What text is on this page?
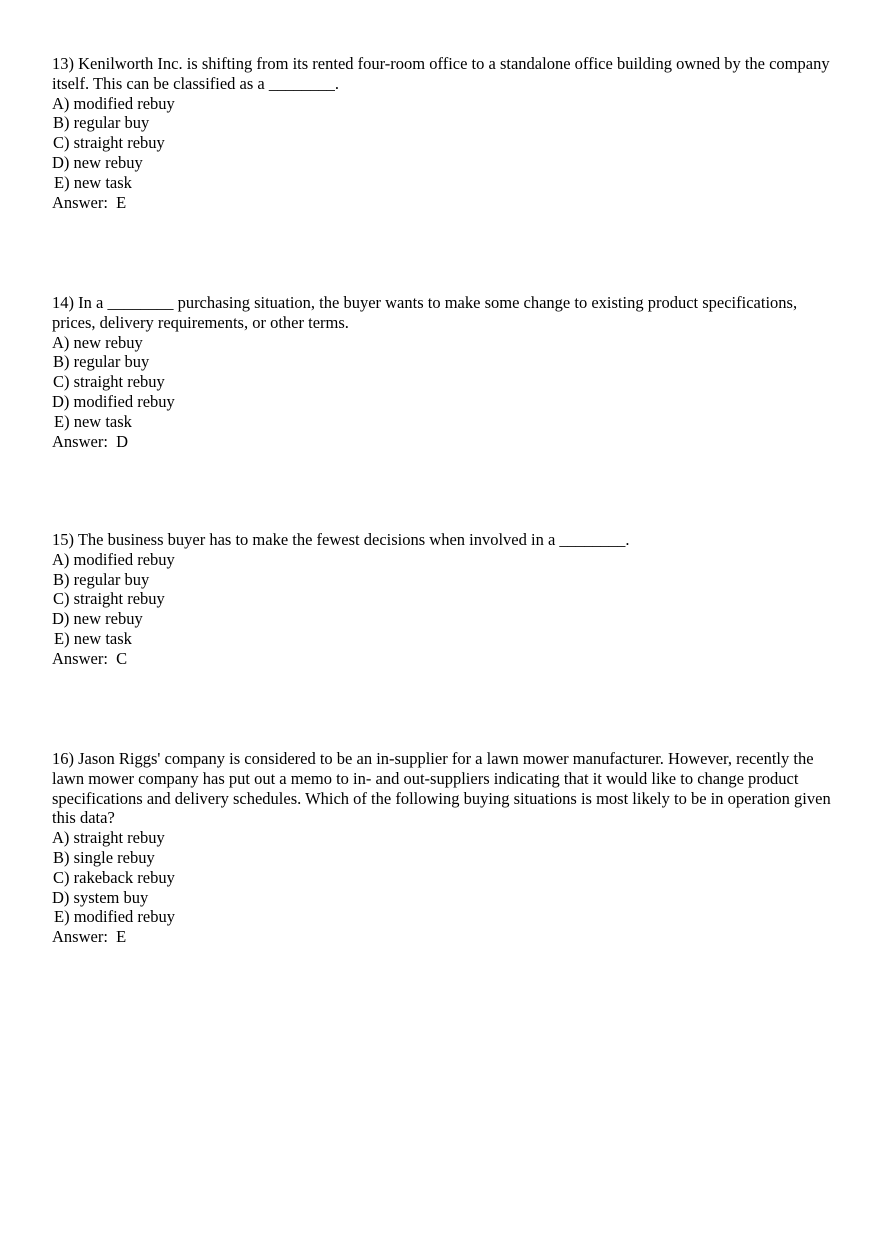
13) Kenilworth Inc. is shifting from its rented four-room office to a standalone office building owned by the company itself. This can be classified as a ________.

A) modified rebuy

B) regular buy

C) straight rebuy

D) new rebuy

E) new task

Answer:  E

14) In a ________ purchasing situation, the buyer wants to make some change to existing product specifications, prices, delivery requirements, or other terms.

A) new rebuy

B) regular buy

C) straight rebuy

D) modified rebuy

E) new task

Answer:  D

15) The business buyer has to make the fewest decisions when involved in a ________.

A) modified rebuy

B) regular buy

C) straight rebuy

D) new rebuy

E) new task

Answer:  C

16) Jason Riggs' company is considered to be an in-supplier for a lawn mower manufacturer. However, recently the lawn mower company has put out a memo to in- and out-suppliers indicating that it would like to change product specifications and delivery schedules. Which of the following buying situations is most likely to be in operation given this data?

A) straight rebuy

B) single rebuy

C) rakeback rebuy

D) system buy

E) modified rebuy

Answer:  E
